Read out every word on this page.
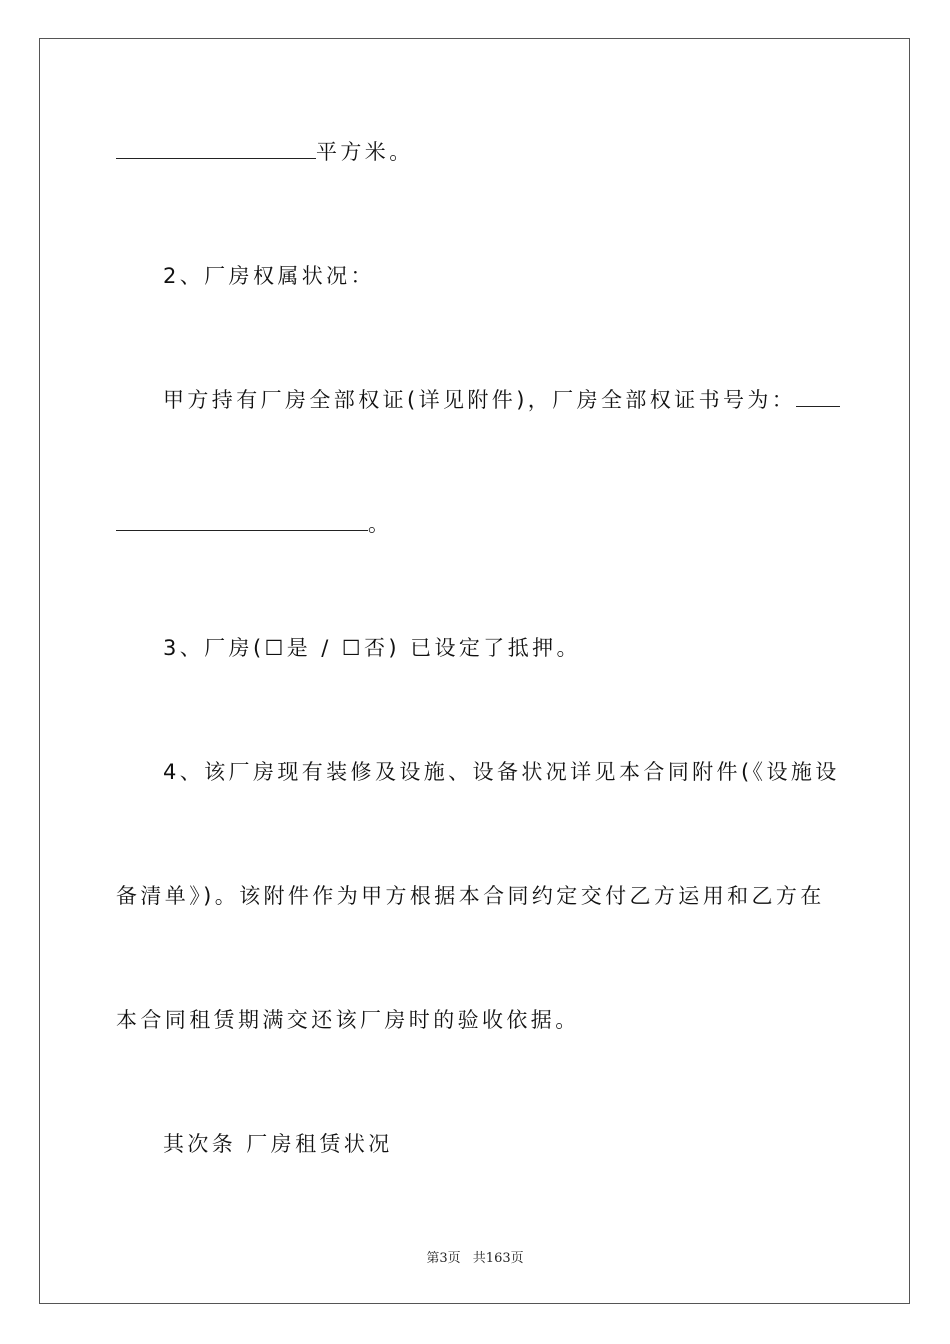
平方米。
2、厂房权属状况：
甲方持有厂房全部权证(详见附件)，厂房全部权证书号为：
。
3、厂房(☐是 / ☐否) 已设定了抵押。
4、该厂房现有装修及设施、设备状况详见本合同附件(《设施设
备清单》)。该附件作为甲方根据本合同约定交付乙方运用和乙方在
本合同租赁期满交还该厂房时的验收依据。
其次条 厂房租赁状况
第3页 共163页
